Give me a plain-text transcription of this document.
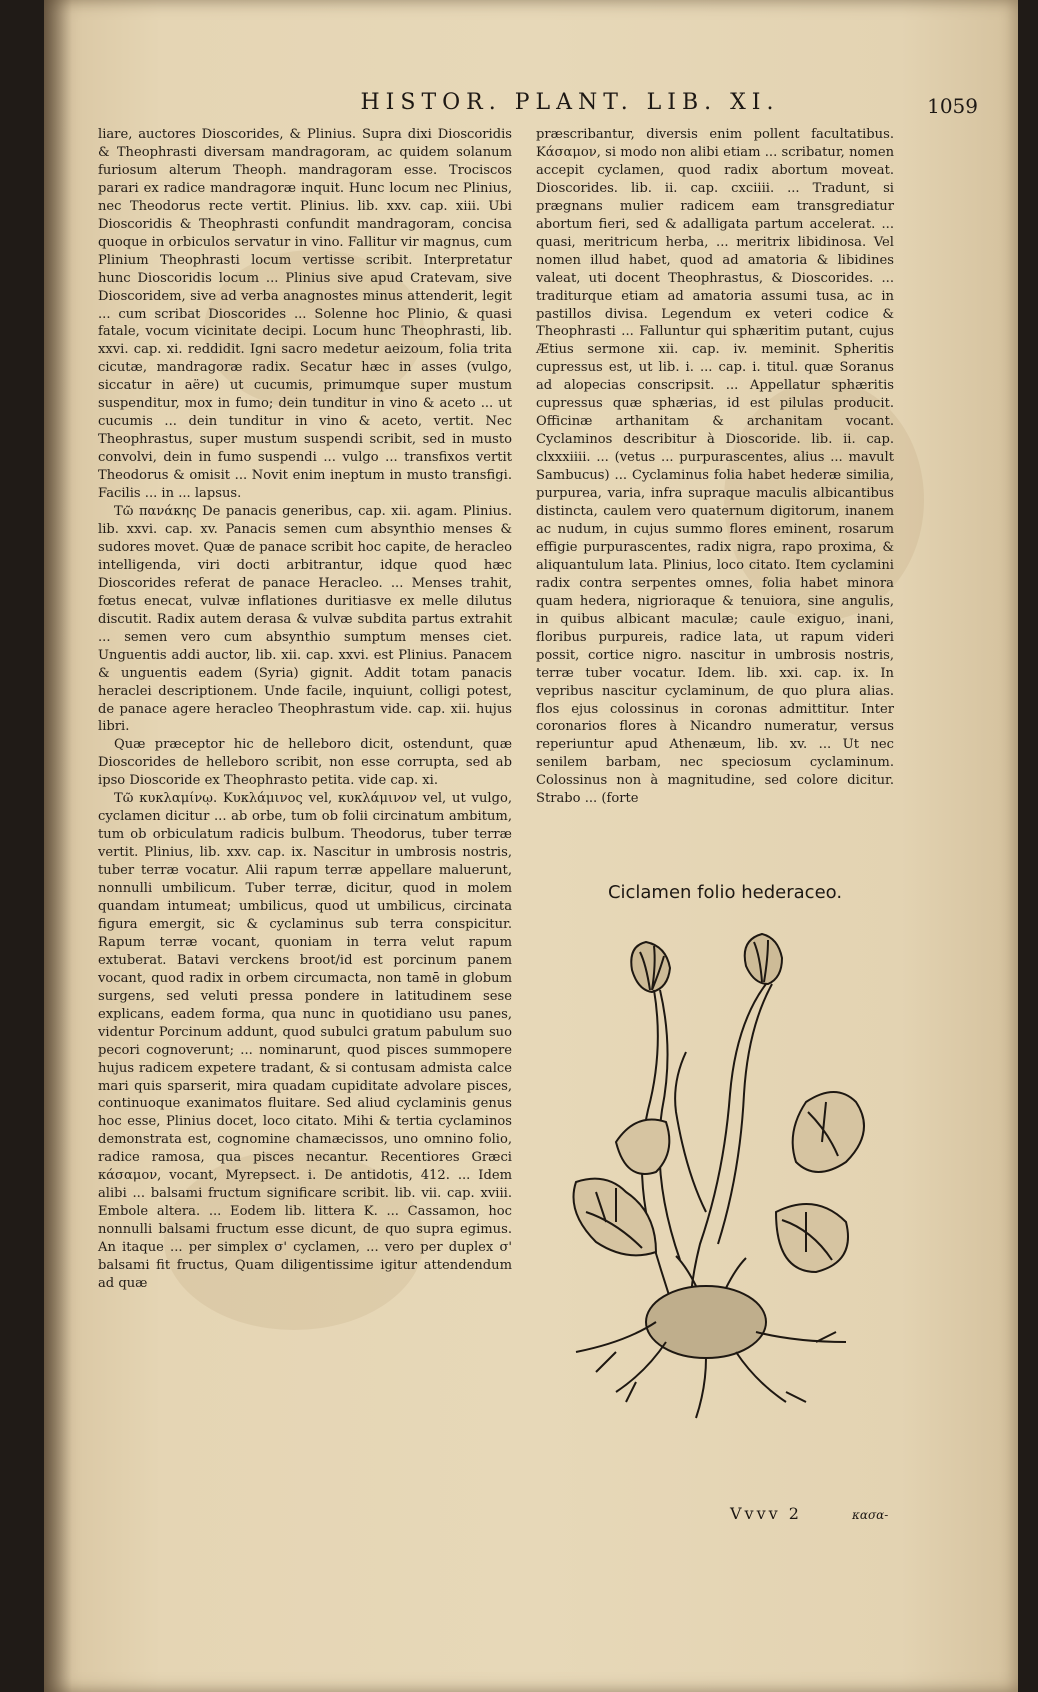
HISTOR. PLANT. LIB. XI.	1059

liare, auctores Dioscorides, & Plinius. Supra dixi Dioscoridis & Theophrasti diversam mandragoram, ac quidem solanum furiosum alterum Theoph. mandragoram esse. Trociscos parari ex radice mandragoræ inquit. Hunc locum nec Plinius, nec Theodorus recte vertit. Plinius. lib. xxv. cap. xiii. Ubi Dioscoridis & Theophrasti confundit mandragoram, concisa quoque in orbiculos servatur in vino. Fallitur vir magnus, cum Plinium Theophrasti locum vertisse scribit. Interpretatur hunc Dioscoridis locum ... Plinius sive apud Cratevam, sive Dioscoridem, sive ad verba anagnostes minus attenderit, legit ... cum scribat Dioscorides ... Solenne hoc Plinio, & quasi fatale, vocum vicinitate decipi. Locum hunc Theophrasti, lib. xxvi. cap. xi. reddidit. Igni sacro medetur aeizoum, folia trita cicutæ, mandragoræ radix. Secatur hæc in asses (vulgo, siccatur in aëre) ut cucumis, primumque super mustum suspenditur, mox in fumo; dein tunditur in vino & aceto ... ut cucumis ... dein tunditur in vino & aceto, vertit. Nec Theophrastus, super mustum suspendi scribit, sed in musto convolvi, dein in fumo suspendi ... vulgo ... transfixos vertit Theodorus & omisit ... Novit enim ineptum in musto transfigi. Facilis ... in ... lapsus.

Tῶ πανάκης De panacis generibus, cap. xii. agam. Plinius. lib. xxvi. cap. xv. Panacis semen cum absynthio menses & sudores movet. Quæ de panace scribit hoc capite, de heracleo intelligenda, viri docti arbitrantur, idque quod hæc Dioscorides referat de panace Heracleo. ... Menses trahit, fœtus enecat, vulvæ inflationes duritiasve ex melle dilutus discutit. Radix autem derasa & vulvæ subdita partus extrahit ... semen vero cum absynthio sumptum menses ciet. Unguentis addi auctor, lib. xii. cap. xxvi. est Plinius. Panacem & unguentis eadem (Syria) gignit. Addit totam panacis heraclei descriptionem. Unde facile, inquiunt, colligi potest, de panace agere heracleo Theophrastum vide. cap. xii. hujus libri.

Quæ præceptor hic de helleboro dicit, ostendunt, quæ Dioscorides de helleboro scribit, non esse corrupta, sed ab ipso Dioscoride ex Theophrasto petita. vide cap. xi.

Tῶ κυκλαμίνῳ. Κυκλάμινος vel, κυκλάμινον vel, ut vulgo, cyclamen dicitur ... ab orbe, tum ob folii circinatum ambitum, tum ob orbiculatum radicis bulbum. Theodorus, tuber terræ vertit. Plinius, lib. xxv. cap. ix. Nascitur in umbrosis nostris, tuber terræ vocatur. Alii rapum terræ appellare maluerunt, nonnulli umbilicum. Tuber terræ, dicitur, quod in molem quandam intumeat; umbilicus, quod ut umbilicus, circinata figura emergit, sic & cyclaminus sub terra conspicitur. Rapum terræ vocant, quoniam in terra velut rapum extuberat. Batavi verckens broot/id est porcinum panem vocant, quod radix in orbem circumacta, non tamē in globum surgens, sed veluti pressa pondere in latitudinem sese explicans, eadem forma, qua nunc in quotidiano usu panes, videntur Porcinum addunt, quod subulci gratum pabulum suo pecori cognoverunt; ... nominarunt, quod pisces summopere hujus radicem expetere tradant, & si contusam admista calce mari quis sparserit, mira quadam cupiditate advolare pisces, continuoque exanimatos fluitare. Sed aliud cyclaminis genus hoc esse, Plinius docet, loco citato. Mihi & tertia cyclaminos demonstrata est, cognomine chamæcissos, uno omnino folio, radice ramosa, qua pisces necantur. Recentiores Græci κάσαμον, vocant, Myrepsect. i. De antidotis, 412. ... Idem alibi ... balsami fructum significare scribit. lib. vii. cap. xviii. Embole altera. ... Eodem lib. littera K. ... Cassamon, hoc nonnulli balsami fructum esse dicunt, de quo supra egimus. An itaque ... per simplex σ' cyclamen, ... vero per duplex σ' balsami fit fructus, Quam diligentissime igitur attendendum ad quæ

præscribantur, diversis enim pollent facultatibus. Κάσαμον, si modo non alibi etiam ... scribatur, nomen accepit cyclamen, quod radix abortum moveat. Dioscorides. lib. ii. cap. cxciiii. ... Tradunt, si prægnans mulier radicem eam transgrediatur abortum fieri, sed & adalligata partum accelerat. ... quasi, meritricum herba, ... meritrix libidinosa. Vel nomen illud habet, quod ad amatoria & libidines valeat, uti docent Theophrastus, & Dioscorides. ... traditurque etiam ad amatoria assumi tusa, ac in pastillos divisa. Legendum ex veteri codice & Theophrasti ... Falluntur qui sphæritim putant, cujus Ætius sermone xii. cap. iv. meminit. Spheritis cupressus est, ut lib. i. ... cap. i. titul. quæ Soranus ad alopecias conscripsit. ... Appellatur sphæritis cupressus quæ sphærias, id est pilulas producit. Officinæ arthanitam & archanitam vocant. Cyclaminos describitur à Dioscoride. lib. ii. cap. clxxxiiii. ... (vetus ... purpurascentes, alius ... mavult Sambucus) ... Cyclaminus folia habet hederæ similia, purpurea, varia, infra supraque maculis albicantibus distincta, caulem vero quaternum digitorum, inanem ac nudum, in cujus summo flores eminent, rosarum effigie purpurascentes, radix nigra, rapo proxima, & aliquantulum lata. Plinius, loco citato. Item cyclamini radix contra serpentes omnes, folia habet minora quam hedera, nigrioraque & tenuiora, sine angulis, in quibus albicant maculæ; caule exiguo, inani, floribus purpureis, radice lata, ut rapum videri possit, cortice nigro. nascitur in umbrosis nostris, terræ tuber vocatur. Idem. lib. xxi. cap. ix. In vepribus nascitur cyclaminum, de quo plura alias. flos ejus colossinus in coronas admittitur. Inter coronarios flores à Nicandro numeratur, versus reperiuntur apud Athenæum, lib. xv. ... Ut nec senilem barbam, nec speciosum cyclaminum. Colossinus non à magnitudine, sed colore dicitur. Strabo ... (forte

Ciclamen folio hederaceo.
Vvvv 2	κασα-
